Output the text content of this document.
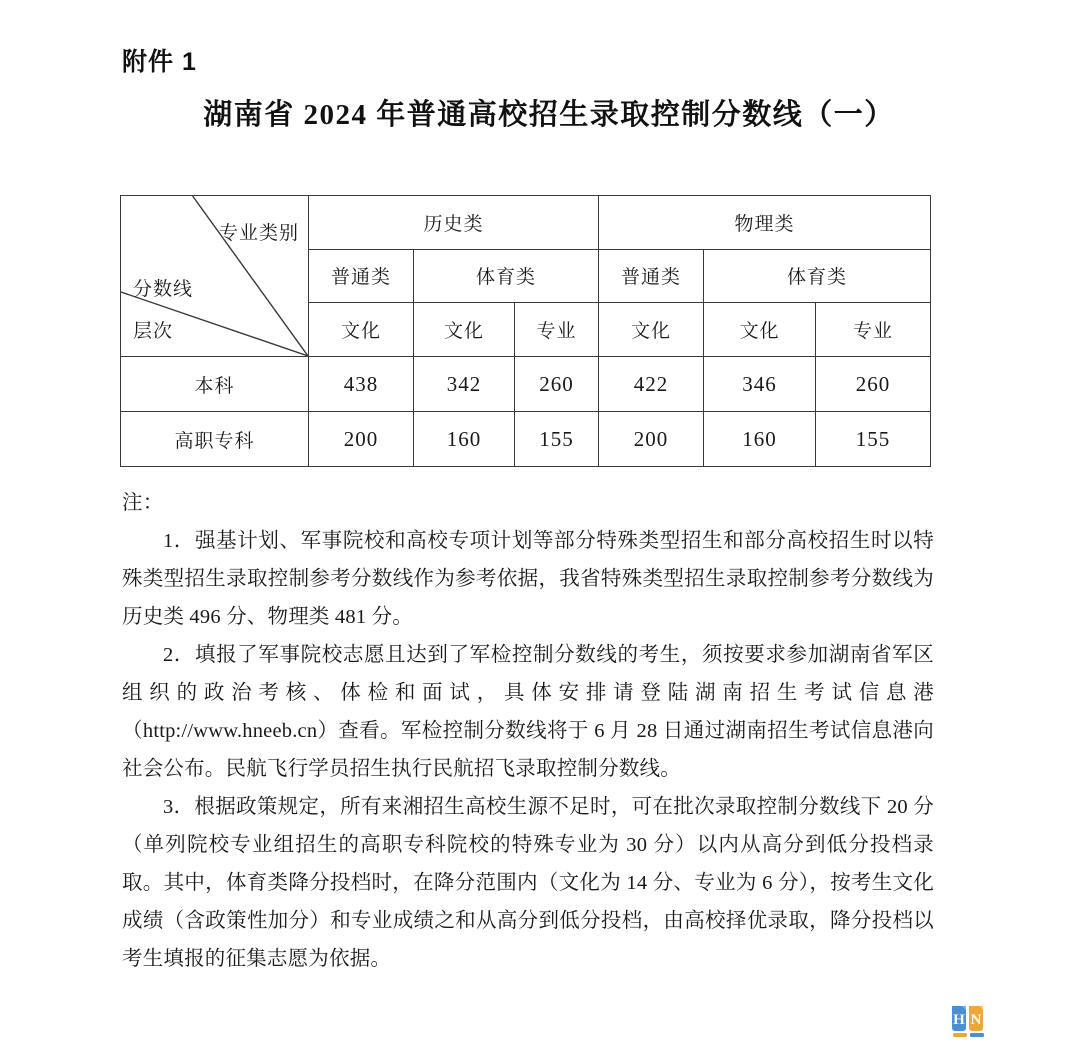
附件 1
湖南省 2024 年普通高校招生录取控制分数线（一）
专业类别
分数线
层次	历史类			物理类		
	普通类	体育类		普通类	体育类	
	文化	文化	专业	文化	文化	专业
本科	438	342	260	422	346	260
高职专科	200	160	155	200	160	155

注：

1．强基计划、军事院校和高校专项计划等部分特殊类型招生和部分高校招生时以特殊类型招生录取控制参考分数线作为参考依据，我省特殊类型招生录取控制参考分数线为历史类 496 分、物理类 481 分。

2．填报了军事院校志愿且达到了军检控制分数线的考生，须按要求参加湖南省军区组织的政治考核、体检和面试，具体安排请登陆湖南招生考试信息港（http://www.hneeb.cn）查看。军检控制分数线将于 6 月 28 日通过湖南招生考试信息港向社会公布。民航飞行学员招生执行民航招飞录取控制分数线。

3．根据政策规定，所有来湘招生高校生源不足时，可在批次录取控制分数线下 20 分（单列院校专业组招生的高职专科院校的特殊专业为 30 分）以内从高分到低分投档录取。其中，体育类降分投档时，在降分范围内（文化为 14 分、专业为 6 分），按考生文化成绩（含政策性加分）和专业成绩之和从高分到低分投档，由高校择优录取，降分投档以考生填报的征集志愿为依据。

H N
